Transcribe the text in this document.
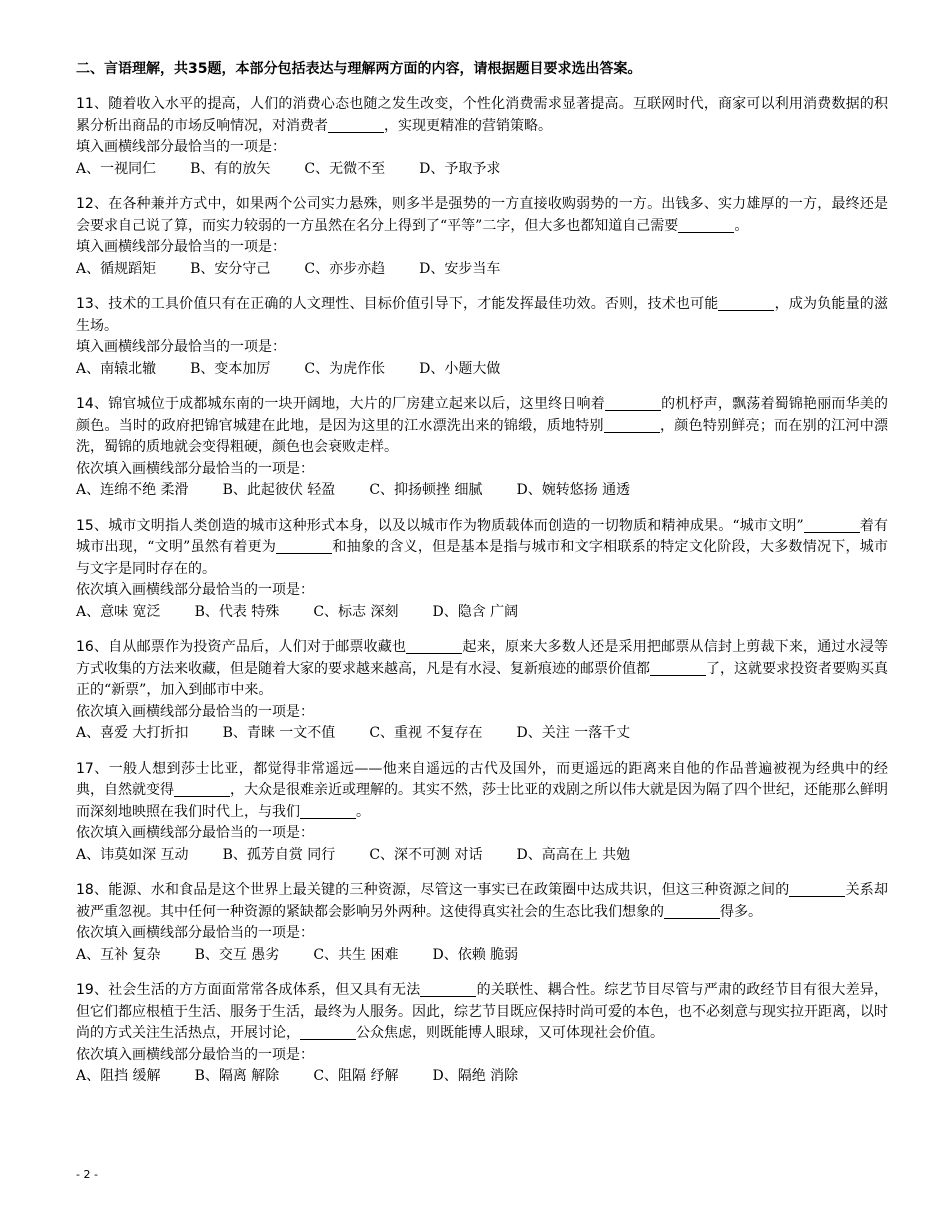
二、言语理解，共35题，本部分包括表达与理解两方面的内容，请根据题目要求选出答案。

11、随着收入水平的提高，人们的消费心态也随之发生改变，个性化消费需求显著提高。互联网时代，商家可以利用消费数据的积累分析出商品的市场反响情况，对消费者	，实现更精准的营销策略。

填入画横线部分最恰当的一项是：

A、一视同仁 B、有的放矢 C、无微不至 D、予取予求

12、在各种兼并方式中，如果两个公司实力悬殊，则多半是强势的一方直接收购弱势的一方。出钱多、实力雄厚的一方，最终还是会要求自己说了算，而实力较弱的一方虽然在名分上得到了“平等”二字，但大多也都知道自己需要	。

填入画横线部分最恰当的一项是：

A、循规蹈矩 B、安分守己 C、亦步亦趋 D、安步当车

13、技术的工具价值只有在正确的人文理性、目标价值引导下，才能发挥最佳功效。否则，技术也可能	，成为负能量的滋生场。

填入画横线部分最恰当的一项是：

A、南辕北辙 B、变本加厉 C、为虎作伥 D、小题大做

14、锦官城位于成都城东南的一块开阔地，大片的厂房建立起来以后，这里终日响着	的机杼声，飘荡着蜀锦艳丽而华美的颜色。当时的政府把锦官城建在此地，是因为这里的江水漂洗出来的锦缎，质地特别	，颜色特别鲜亮；而在别的江河中漂洗，蜀锦的质地就会变得粗硬，颜色也会衰败走样。

依次填入画横线部分最恰当的一项是：

A、连绵不绝 柔滑 B、此起彼伏 轻盈 C、抑扬顿挫 细腻 D、婉转悠扬 通透

15、城市文明指人类创造的城市这种形式本身，以及以城市作为物质载体而创造的一切物质和精神成果。“城市文明”	着有城市出现，“文明”虽然有着更为	和抽象的含义，但是基本是指与城市和文字相联系的特定文化阶段，大多数情况下，城市与文字是同时存在的。

依次填入画横线部分最恰当的一项是：

A、意味 宽泛 B、代表 特殊 C、标志 深刻 D、隐含 广阔

16、自从邮票作为投资产品后，人们对于邮票收藏也	起来，原来大多数人还是采用把邮票从信封上剪裁下来，通过水浸等方式收集的方法来收藏，但是随着大家的要求越来越高，凡是有水浸、复新痕迹的邮票价值都	了，这就要求投资者要购买真正的“新票”，加入到邮市中来。

依次填入画横线部分最恰当的一项是：

A、喜爱 大打折扣 B、青睐 一文不值 C、重视 不复存在 D、关注 一落千丈

17、一般人想到莎士比亚，都觉得非常遥远——他来自遥远的古代及国外，而更遥远的距离来自他的作品普遍被视为经典中的经典，自然就变得	，大众是很难亲近或理解的。其实不然，莎士比亚的戏剧之所以伟大就是因为隔了四个世纪，还能那么鲜明而深刻地映照在我们时代上，与我们	。

依次填入画横线部分最恰当的一项是：

A、讳莫如深 互动 B、孤芳自赏 同行 C、深不可测 对话 D、高高在上 共勉

18、能源、水和食品是这个世界上最关键的三种资源，尽管这一事实已在政策圈中达成共识，但这三种资源之间的	关系却被严重忽视。其中任何一种资源的紧缺都会影响另外两种。这使得真实社会的生态比我们想象的	得多。

依次填入画横线部分最恰当的一项是：

A、互补 复杂 B、交互 愚劣 C、共生 困难 D、依赖 脆弱

19、社会生活的方方面面常常各成体系，但又具有无法	的关联性、耦合性。综艺节目尽管与严肃的政经节目有很大差异，但它们都应根植于生活、服务于生活，最终为人服务。因此，综艺节目既应保持时尚可爱的本色，也不必刻意与现实拉开距离，以时尚的方式关注生活热点，开展讨论，	公众焦虑，则既能博人眼球，又可体现社会价值。

依次填入画横线部分最恰当的一项是：

A、阻挡 缓解 B、隔离 解除 C、阻隔 纾解 D、隔绝 消除

- 2 -
